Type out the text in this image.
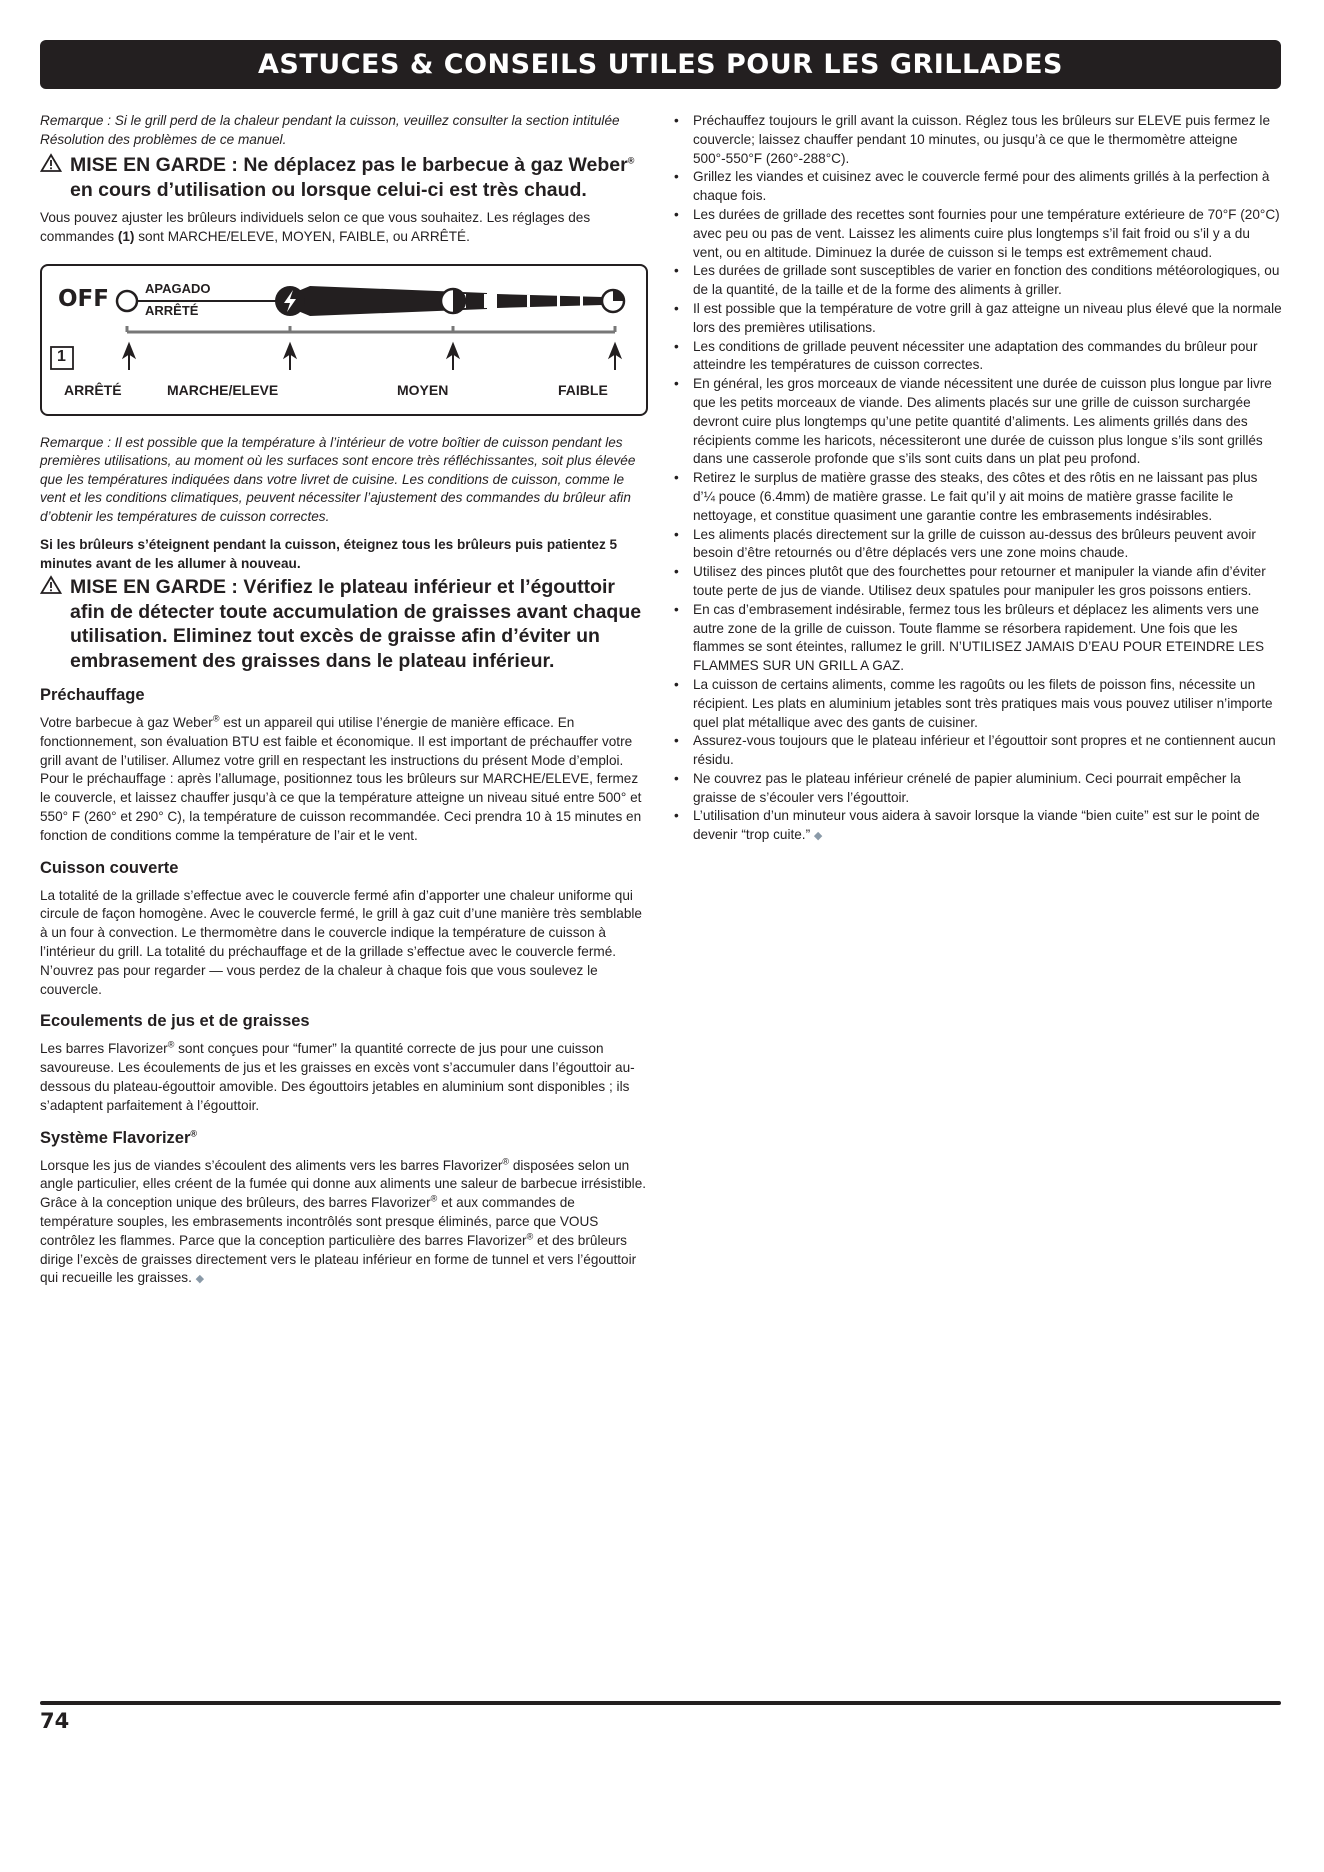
ASTUCES & CONSEILS UTILES POUR LES GRILLADES

Remarque : Si le grill perd de la chaleur pendant la cuisson, veuillez consulter la section intitulée Résolution des problèmes de ce manuel.

MISE EN GARDE : Ne déplacez pas le barbecue à gaz Weber® en cours d’utilisation ou lorsque celui-ci est très chaud.

Vous pouvez ajuster les brûleurs individuels selon ce que vous souhaitez. Les réglages des commandes (1) sont MARCHE/ELEVE, MOYEN, FAIBLE, ou ARRÊTÉ.

OFF	APAGADO
ARRÊTÉ
1
ARRÊTÉ	MARCHE/ELEVE	MOYEN	FAIBLE

Remarque : Il est possible que la température à l’intérieur de votre boîtier de cuisson pendant les premières utilisations, au moment où les surfaces sont encore très réfléchissantes, soit plus élevée que les températures indiquées dans votre livret de cuisine. Les conditions de cuisson, comme le vent et les conditions climatiques, peuvent nécessiter l’ajustement des commandes du brûleur afin d’obtenir les températures de cuisson correctes.

Si les brûleurs s’éteignent pendant la cuisson, éteignez tous les brûleurs puis patientez 5 minutes avant de les allumer à nouveau.

MISE EN GARDE : Vérifiez le plateau inférieur et l’égouttoir afin de détecter toute accumulation de graisses avant chaque utilisation. Eliminez tout excès de graisse afin d’éviter un embrasement des graisses dans le plateau inférieur.
Préchauffage

Votre barbecue à gaz Weber® est un appareil qui utilise l’énergie de manière efficace. En fonctionnement, son évaluation BTU est faible et économique. Il est important de préchauffer votre grill avant de l’utiliser. Allumez votre grill en respectant les instructions du présent Mode d’emploi. Pour le préchauffage : après l’allumage, positionnez tous les brûleurs sur MARCHE/ELEVE, fermez le couvercle, et laissez chauffer jusqu’à ce que la température atteigne un niveau situé entre 500° et 550° F (260° et 290° C), la température de cuisson recommandée. Ceci prendra 10 à 15 minutes en fonction de conditions comme la température de l’air et le vent.

Cuisson couverte

La totalité de la grillade s’effectue avec le couvercle fermé afin d’apporter une chaleur uniforme qui circule de façon homogène. Avec le couvercle fermé, le grill à gaz cuit d’une manière très semblable à un four à convection. Le thermomètre dans le couvercle indique la température de cuisson à l’intérieur du grill. La totalité du préchauffage et de la grillade s’effectue avec le couvercle fermé. N’ouvrez pas pour regarder — vous perdez de la chaleur à chaque fois que vous soulevez le couvercle.

Ecoulements de jus et de graisses

Les barres Flavorizer® sont conçues pour “fumer” la quantité correcte de jus pour une cuisson savoureuse. Les écoulements de jus et les graisses en excès vont s’accumuler dans l’égouttoir au-dessous du plateau-égouttoir amovible. Des égouttoirs jetables en aluminium sont disponibles ; ils s’adaptent parfaitement à l’égouttoir.

Système Flavorizer®

Lorsque les jus de viandes s’écoulent des aliments vers les barres Flavorizer® disposées selon un angle particulier, elles créent de la fumée qui donne aux aliments une saleur de barbecue irrésistible. Grâce à la conception unique des brûleurs, des barres Flavorizer® et aux commandes de température souples, les embrasements incontrôlés sont presque éliminés, parce que VOUS contrôlez les flammes. Parce que la conception particulière des barres Flavorizer® et des brûleurs dirige l’excès de graisses directement vers le plateau inférieur en forme de tunnel et vers l’égouttoir qui recueille les graisses. ◆

• Préchauffez toujours le grill avant la cuisson. Réglez tous les brûleurs sur ELEVE puis fermez le couvercle; laissez chauffer pendant 10 minutes, ou jusqu’à ce que le thermomètre atteigne 500°-550°F (260°-288°C).
• Grillez les viandes et cuisinez avec le couvercle fermé pour des aliments grillés à la perfection à chaque fois.
• Les durées de grillade des recettes sont fournies pour une température extérieure de 70°F (20°C) avec peu ou pas de vent. Laissez les aliments cuire plus longtemps s’il fait froid ou s’il y a du vent, ou en altitude. Diminuez la durée de cuisson si le temps est extrêmement chaud.
• Les durées de grillade sont susceptibles de varier en fonction des conditions météorologiques, ou de la quantité, de la taille et de la forme des aliments à griller.
• Il est possible que la température de votre grill à gaz atteigne un niveau plus élevé que la normale lors des premières utilisations.
• Les conditions de grillade peuvent nécessiter une adaptation des commandes du brûleur pour atteindre les températures de cuisson correctes.
• En général, les gros morceaux de viande nécessitent une durée de cuisson plus longue par livre que les petits morceaux de viande. Des aliments placés sur une grille de cuisson surchargée devront cuire plus longtemps qu’une petite quantité d’aliments. Les aliments grillés dans des récipients comme les haricots, nécessiteront une durée de cuisson plus longue s’ils sont grillés dans une casserole profonde que s’ils sont cuits dans un plat peu profond.
• Retirez le surplus de matière grasse des steaks, des côtes et des rôtis en ne laissant pas plus d’¼ pouce (6.4mm) de matière grasse. Le fait qu’il y ait moins de matière grasse facilite le nettoyage, et constitue quasiment une garantie contre les embrasements indésirables.
• Les aliments placés directement sur la grille de cuisson au-dessus des brûleurs peuvent avoir besoin d’être retournés ou d’être déplacés vers une zone moins chaude.
• Utilisez des pinces plutôt que des fourchettes pour retourner et manipuler la viande afin d’éviter toute perte de jus de viande. Utilisez deux spatules pour manipuler les gros poissons entiers.
• En cas d’embrasement indésirable, fermez tous les brûleurs et déplacez les aliments vers une autre zone de la grille de cuisson. Toute flamme se résorbera rapidement. Une fois que les flammes se sont éteintes, rallumez le grill. N’UTILISEZ JAMAIS D’EAU POUR ETEINDRE LES FLAMMES SUR UN GRILL A GAZ.
• La cuisson de certains aliments, comme les ragoûts ou les filets de poisson fins, nécessite un récipient. Les plats en aluminium jetables sont très pratiques mais vous pouvez utiliser n’importe quel plat métallique avec des gants de cuisiner.
• Assurez-vous toujours que le plateau inférieur et l’égouttoir sont propres et ne contiennent aucun résidu.
• Ne couvrez pas le plateau inférieur crénelé de papier aluminium. Ceci pourrait empêcher la graisse de s’écouler vers l’égouttoir.
• L’utilisation d’un minuteur vous aidera à savoir lorsque la viande “bien cuite” est sur le point de devenir “trop cuite.” ◆
74
